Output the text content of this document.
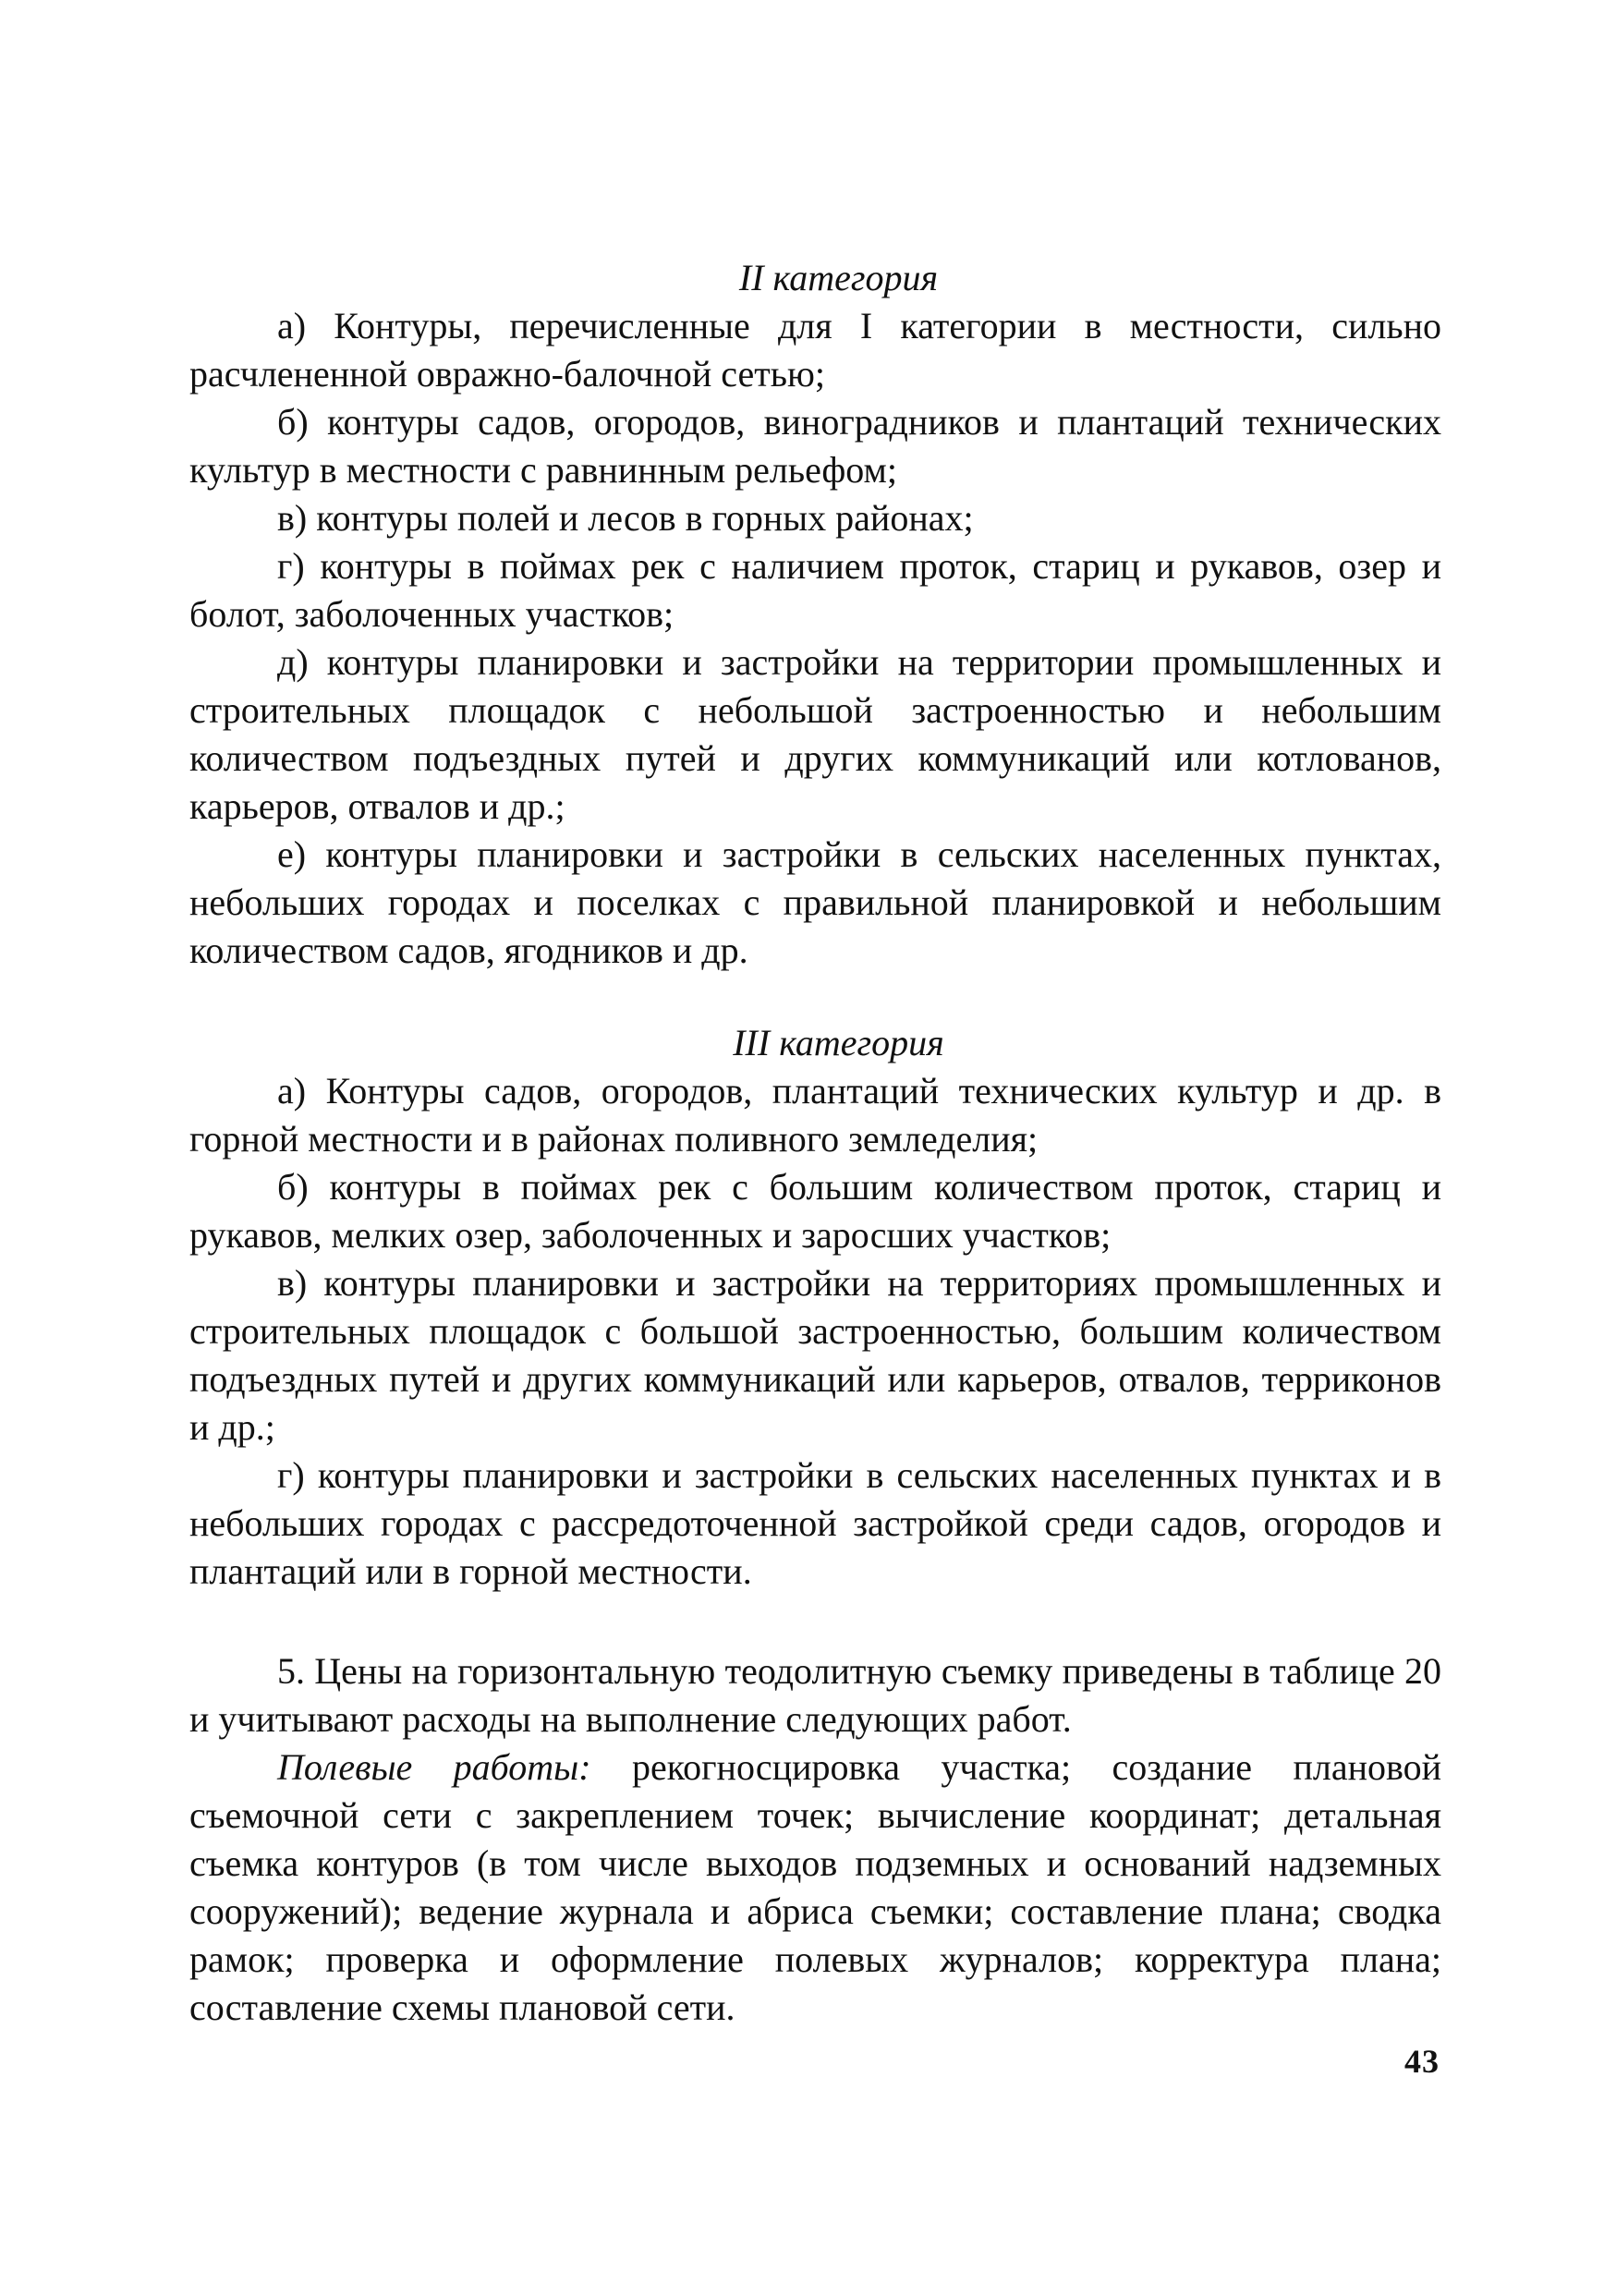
II категория

а) Контуры, перечисленные для I категории в местности, сильно расчлененной овражно-балочной сетью;

б) контуры садов, огородов, виноградников и плантаций технических культур в местности с равнинным рельефом;

в) контуры полей и лесов в горных районах;

г) контуры в поймах рек с наличием проток, стариц и рукавов, озер и болот, заболоченных участков;

д) контуры планировки и застройки на территории промышленных и строительных площадок с небольшой застроенностью и небольшим количеством подъездных путей и других коммуникаций или котлованов, карьеров, отвалов и др.;

е) контуры планировки и застройки в сельских населенных пунктах, небольших городах и поселках с правильной планировкой и небольшим количеством садов, ягодников и др.

III категория

а) Контуры садов, огородов, плантаций технических культур и др. в горной местности и в районах поливного земледелия;

б) контуры в поймах рек с большим количеством проток, стариц и рукавов, мелких озер, заболоченных и заросших участков;

в) контуры планировки и застройки на территориях промышленных и строительных площадок с большой застроенностью, большим количеством подъездных путей и других коммуникаций или карьеров, отвалов, терриконов и др.;

г) контуры планировки и застройки в сельских населенных пунктах и в небольших городах с рассредоточенной застройкой среди садов, огородов и плантаций или в горной местности.

5. Цены на горизонтальную теодолитную съемку приведены в таблице 20 и учитывают расходы на выполнение следующих работ.

Полевые работы: рекогносцировка участка; создание плановой съемочной сети с закреплением точек; вычисление координат; детальная съемка контуров (в том числе выходов подземных и оснований надземных сооружений); ведение журнала и абриса съемки; составление плана; сводка рамок; проверка и оформление полевых журналов; корректура плана; составление схемы плановой сети.

43
